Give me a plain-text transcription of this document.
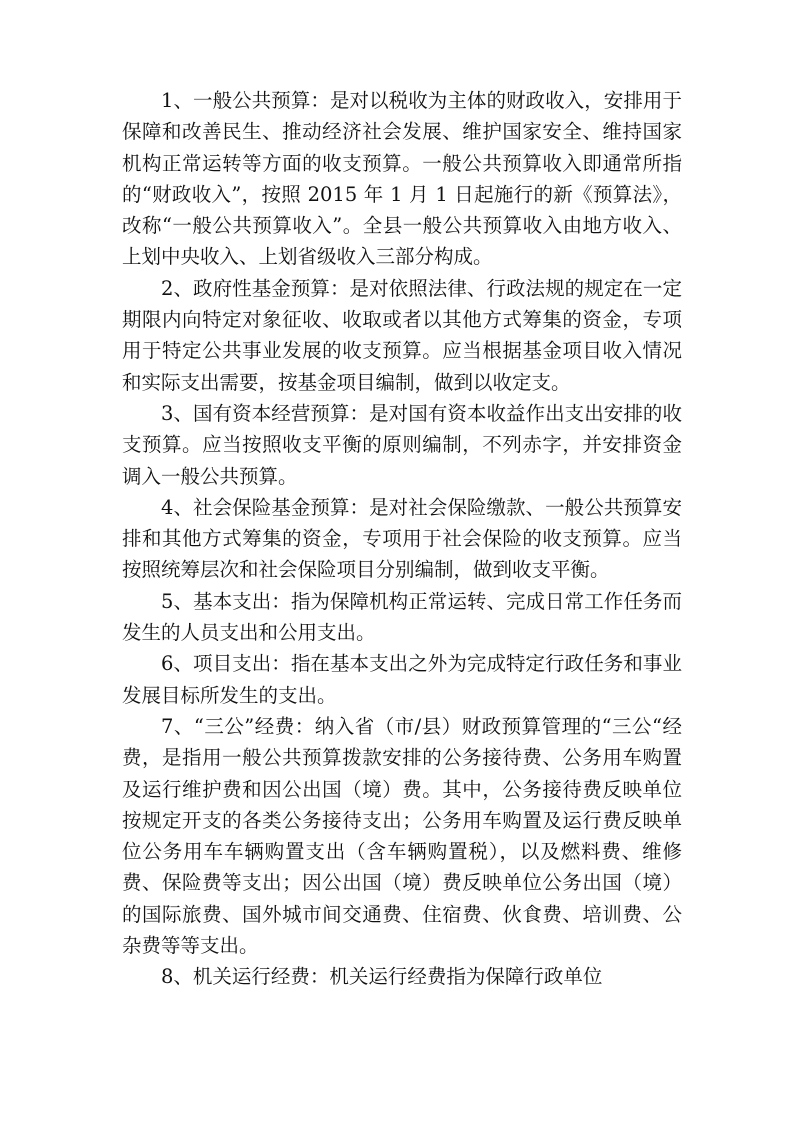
1、一般公共预算：是对以税收为主体的财政收入，安排用于保障和改善民生、推动经济社会发展、维护国家安全、维持国家机构正常运转等方面的收支预算。一般公共预算收入即通常所指的“财政收入”，按照 2015 年 1 月 1 日起施行的新《预算法》，改称“一般公共预算收入”。全县一般公共预算收入由地方收入、上划中央收入、上划省级收入三部分构成。

2、政府性基金预算：是对依照法律、行政法规的规定在一定期限内向特定对象征收、收取或者以其他方式筹集的资金，专项用于特定公共事业发展的收支预算。应当根据基金项目收入情况和实际支出需要，按基金项目编制，做到以收定支。

3、国有资本经营预算：是对国有资本收益作出支出安排的收支预算。应当按照收支平衡的原则编制，不列赤字，并安排资金调入一般公共预算。

4、社会保险基金预算：是对社会保险缴款、一般公共预算安排和其他方式筹集的资金，专项用于社会保险的收支预算。应当按照统筹层次和社会保险项目分别编制，做到收支平衡。

5、基本支出：指为保障机构正常运转、完成日常工作任务而发生的人员支出和公用支出。

6、项目支出：指在基本支出之外为完成特定行政任务和事业发展目标所发生的支出。

7、“三公”经费：纳入省（市/县）财政预算管理的“三公“经费，是指用一般公共预算拨款安排的公务接待费、公务用车购置及运行维护费和因公出国（境）费。其中，公务接待费反映单位按规定开支的各类公务接待支出；公务用车购置及运行费反映单位公务用车车辆购置支出（含车辆购置税），以及燃料费、维修费、保险费等支出；因公出国（境）费反映单位公务出国（境）的国际旅费、国外城市间交通费、住宿费、伙食费、培训费、公杂费等等支出。

8、机关运行经费：机关运行经费指为保障行政单位
